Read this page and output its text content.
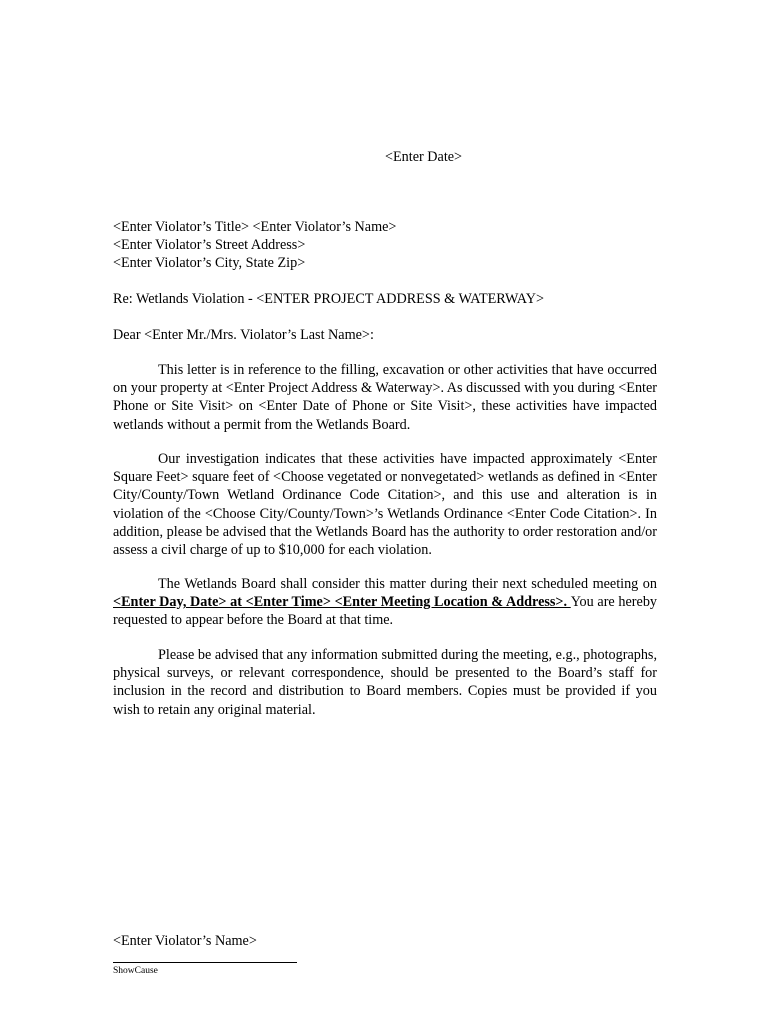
<Enter Date>
<Enter Violator’s Title> <Enter Violator’s Name>
<Enter Violator’s Street Address>
<Enter Violator’s City, State Zip>
Re: Wetlands Violation - <ENTER PROJECT ADDRESS & WATERWAY>
Dear <Enter Mr./Mrs. Violator’s Last Name>:
This letter is in reference to the filling, excavation or other activities that have occurred on your property at <Enter Project Address & Waterway>. As discussed with you during <Enter Phone or Site Visit> on <Enter Date of Phone or Site Visit>, these activities have impacted wetlands without a permit from the Wetlands Board.
Our investigation indicates that these activities have impacted approximately <Enter Square Feet> square feet of <Choose vegetated or nonvegetated> wetlands as defined in <Enter City/County/Town Wetland Ordinance Code Citation>, and this use and alteration is in violation of the <Choose City/County/Town>’s Wetlands Ordinance <Enter Code Citation>. In addition, please be advised that the Wetlands Board has the authority to order restoration and/or assess a civil charge of up to $10,000 for each violation.
The Wetlands Board shall consider this matter during their next scheduled meeting on <Enter Day, Date> at <Enter Time> <Enter Meeting Location & Address>. You are hereby requested to appear before the Board at that time.
Please be advised that any information submitted during the meeting, e.g., photographs, physical surveys, or relevant correspondence, should be presented to the Board’s staff for inclusion in the record and distribution to Board members. Copies must be provided if you wish to retain any original material.
<Enter Violator’s Name>
ShowCause
